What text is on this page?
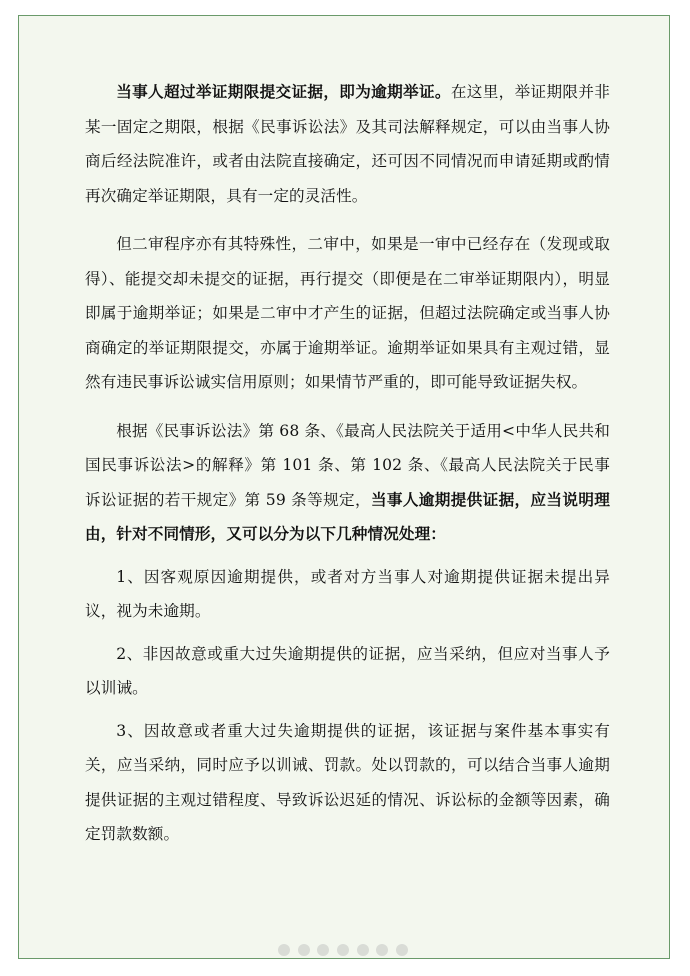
当事人超过举证期限提交证据，即为逾期举证。在这里，举证期限并非某一固定之期限，根据《民事诉讼法》及其司法解释规定，可以由当事人协商后经法院准许，或者由法院直接确定，还可因不同情况而申请延期或酌情再次确定举证期限，具有一定的灵活性。

但二审程序亦有其特殊性，二审中，如果是一审中已经存在（发现或取得）、能提交却未提交的证据，再行提交（即便是在二审举证期限内），明显即属于逾期举证；如果是二审中才产生的证据，但超过法院确定或当事人协商确定的举证期限提交，亦属于逾期举证。逾期举证如果具有主观过错，显然有违民事诉讼诚实信用原则；如果情节严重的，即可能导致证据失权。

根据《民事诉讼法》第 68 条、《最高人民法院关于适用<中华人民共和国民事诉讼法>的解释》第 101 条、第 102 条、《最高人民法院关于民事诉讼证据的若干规定》第 59 条等规定，当事人逾期提供证据，应当说明理由，针对不同情形，又可以分为以下几种情况处理：

1、因客观原因逾期提供，或者对方当事人对逾期提供证据未提出异议，视为未逾期。

2、非因故意或重大过失逾期提供的证据，应当采纳，但应对当事人予以训诫。

3、因故意或者重大过失逾期提供的证据，该证据与案件基本事实有关，应当采纳，同时应予以训诫、罚款。处以罚款的，可以结合当事人逾期提供证据的主观过错程度、导致诉讼迟延的情况、诉讼标的金额等因素，确定罚款数额。
